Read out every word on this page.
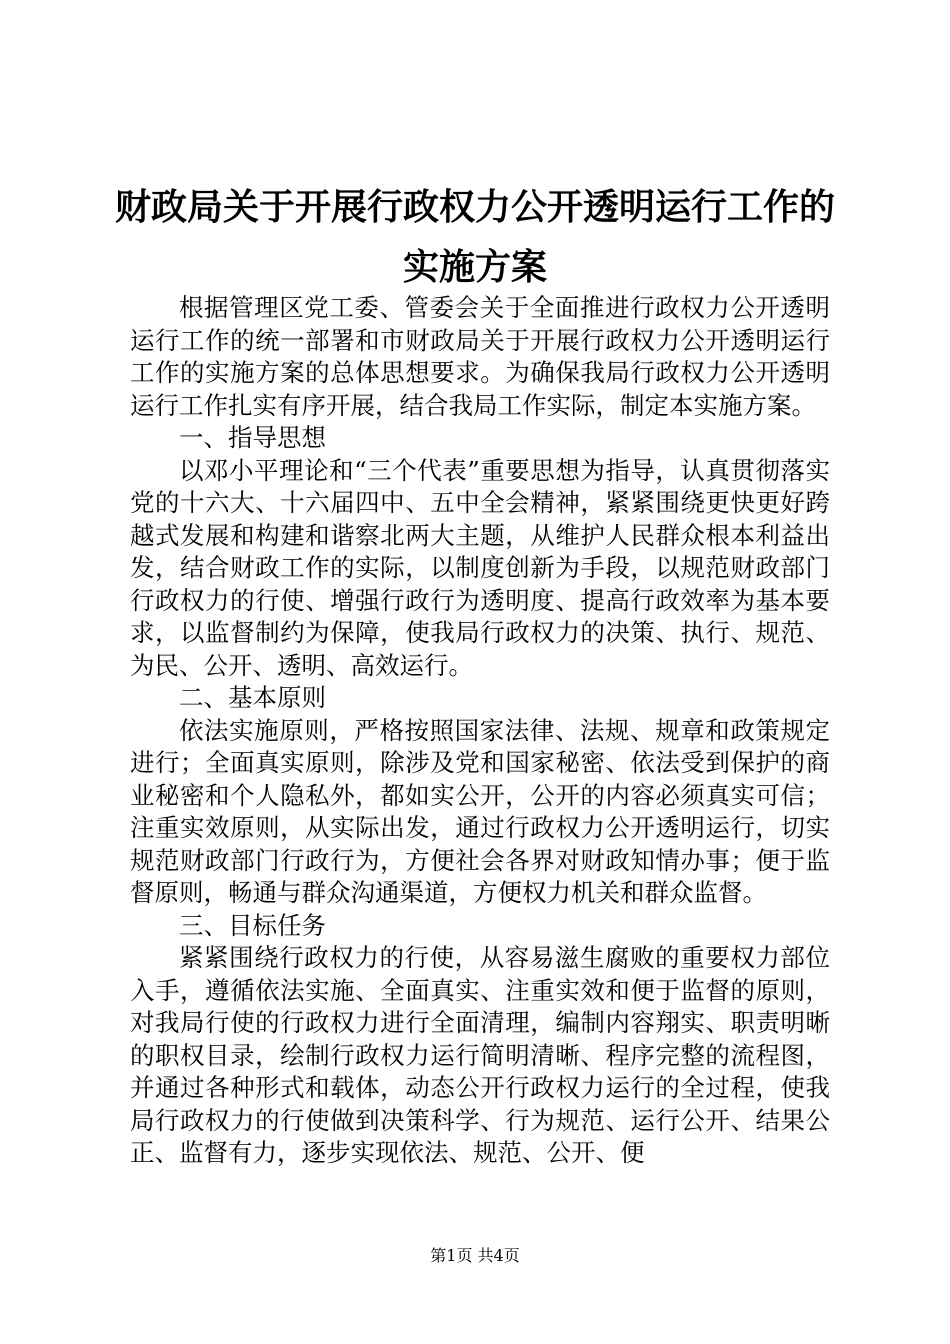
财政局关于开展行政权力公开透明运行工作的
实施方案

根据管理区党工委、管委会关于全面推进行政权力公开透明运行工作的统一部署和市财政局关于开展行政权力公开透明运行工作的实施方案的总体思想要求。为确保我局行政权力公开透明运行工作扎实有序开展，结合我局工作实际，制定本实施方案。

一、指导思想

以邓小平理论和“三个代表”重要思想为指导，认真贯彻落实党的十六大、十六届四中、五中全会精神，紧紧围绕更快更好跨越式发展和构建和谐察北两大主题，从维护人民群众根本利益出发，结合财政工作的实际，以制度创新为手段，以规范财政部门行政权力的行使、增强行政行为透明度、提高行政效率为基本要求，以监督制约为保障，使我局行政权力的决策、执行、规范、为民、公开、透明、高效运行。

二、基本原则

依法实施原则，严格按照国家法律、法规、规章和政策规定进行；全面真实原则，除涉及党和国家秘密、依法受到保护的商业秘密和个人隐私外，都如实公开，公开的内容必须真实可信；注重实效原则，从实际出发，通过行政权力公开透明运行，切实规范财政部门行政行为，方便社会各界对财政知情办事；便于监督原则，畅通与群众沟通渠道，方便权力机关和群众监督。

三、目标任务

紧紧围绕行政权力的行使，从容易滋生腐败的重要权力部位入手，遵循依法实施、全面真实、注重实效和便于监督的原则，对我局行使的行政权力进行全面清理，编制内容翔实、职责明晰的职权目录，绘制行政权力运行简明清晰、程序完整的流程图，并通过各种形式和载体，动态公开行政权力运行的全过程，使我局行政权力的行使做到决策科学、行为规范、运行公开、结果公正、监督有力，逐步实现依法、规范、公开、便

第1页 共4页
